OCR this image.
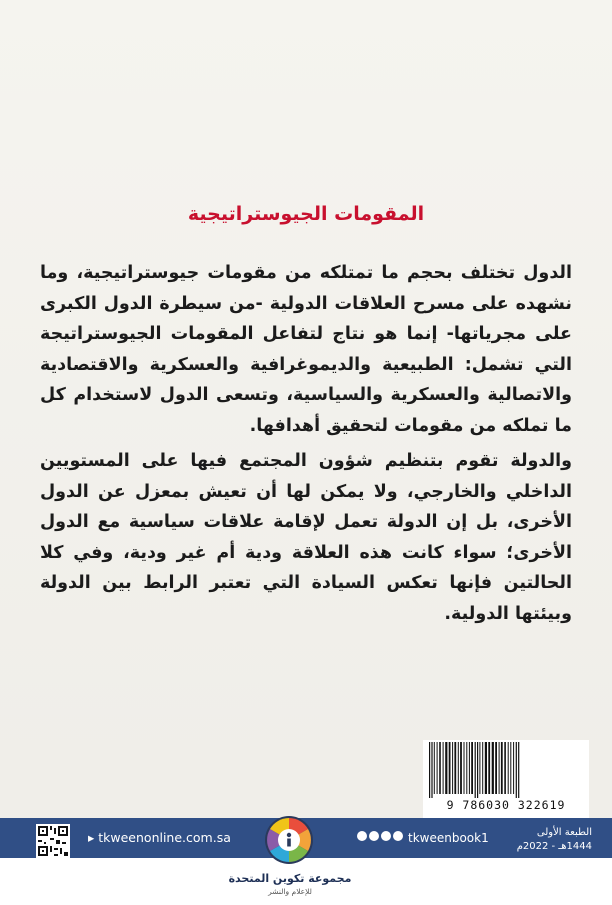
المقومات الجيوستراتيجية
الدول تختلف بحجم ما تمتلكه من مقومات جيوستراتيجية، وما نشهده على مسرح العلاقات الدولية -من سيطرة الدول الكبرى على مجرياتها- إنما هو نتاج لتفاعل المقومات الجيوستراتيجة التي تشمل: الطبيعية والديموغرافية والعسكرية والاقتصادية والاتصالية والعسكرية والسياسية، وتسعى الدول لاستخدام كل ما تملكه من مقومات لتحقيق أهدافها.
والدولة تقوم بتنظيم شؤون المجتمع فيها على المستويين الداخلي والخارجي، ولا يمكن لها أن تعيش بمعزل عن الدول الأخرى، بل إن الدولة تعمل لإقامة علاقات سياسية مع الدول الأخرى؛ سواء كانت هذه العلاقة ودية أم غير ودية، وفي كلا الحالتين فإنها تعكس السيادة التي تعتبر الرابط بين الدولة وبيئتها الدولية.
9 786030 322619
▸ tkweenonline.com.sa	tkweenbook1	الطبعة الأولى
1444هـ - 2022م
مجموعة تكوين المتحدة
للإعلام والنشر
